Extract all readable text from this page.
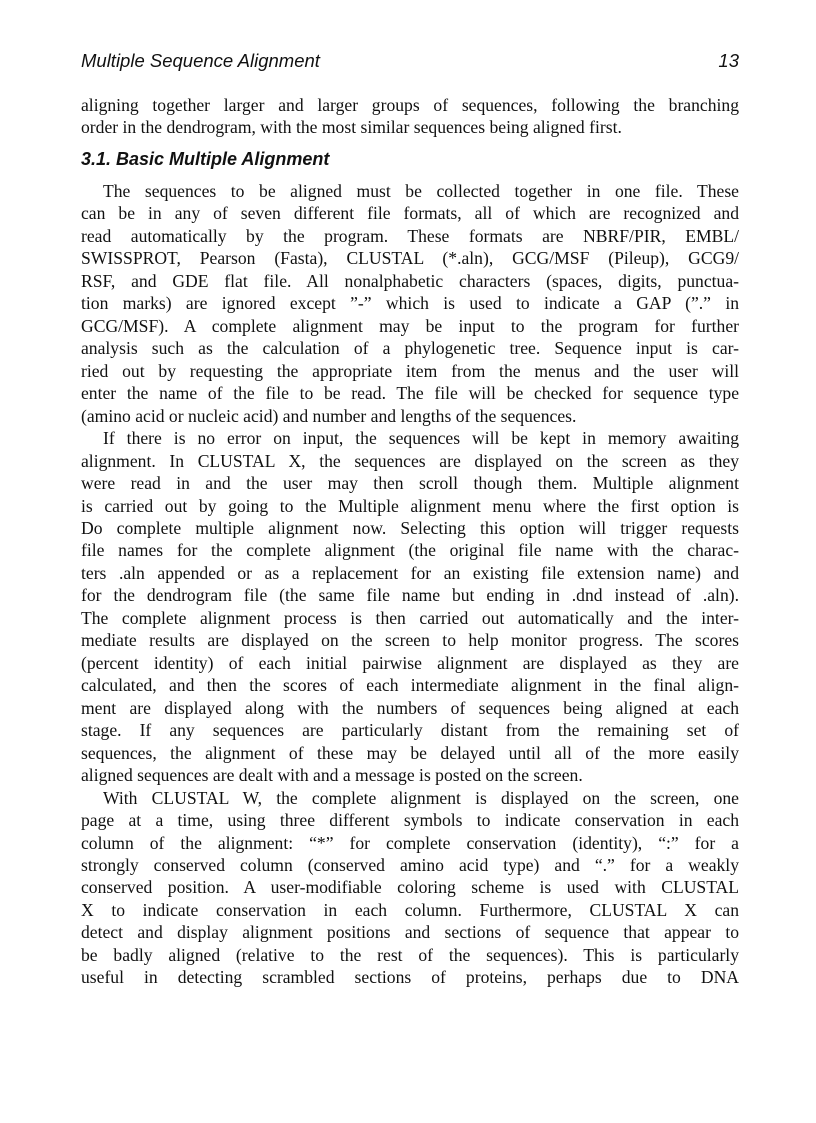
Multiple Sequence Alignment	13
aligning together larger and larger groups of sequences, following the branching
order in the dendrogram, with the most similar sequences being aligned first.
3.1. Basic Multiple Alignment
The sequences to be aligned must be collected together in one file. These
can be in any of seven different file formats, all of which are recognized and
read automatically by the program. These formats are NBRF/PIR, EMBL/
SWISSPROT, Pearson (Fasta), CLUSTAL (*.aln), GCG/MSF (Pileup), GCG9/
RSF, and GDE flat file. All nonalphabetic characters (spaces, digits, punctua-
tion marks) are ignored except ”-” which is used to indicate a GAP (”.” in
GCG/MSF). A complete alignment may be input to the program for further
analysis such as the calculation of a phylogenetic tree. Sequence input is car-
ried out by requesting the appropriate item from the menus and the user will
enter the name of the file to be read. The file will be checked for sequence type
(amino acid or nucleic acid) and number and lengths of the sequences.
If there is no error on input, the sequences will be kept in memory awaiting
alignment. In CLUSTAL X, the sequences are displayed on the screen as they
were read in and the user may then scroll though them. Multiple alignment
is carried out by going to the Multiple alignment menu where the first option is
Do complete multiple alignment now. Selecting this option will trigger requests
file names for the complete alignment (the original file name with the charac-
ters .aln appended or as a replacement for an existing file extension name) and
for the dendrogram file (the same file name but ending in .dnd instead of .aln).
The complete alignment process is then carried out automatically and the inter-
mediate results are displayed on the screen to help monitor progress. The scores
(percent identity) of each initial pairwise alignment are displayed as they are
calculated, and then the scores of each intermediate alignment in the final align-
ment are displayed along with the numbers of sequences being aligned at each
stage. If any sequences are particularly distant from the remaining set of
sequences, the alignment of these may be delayed until all of the more easily
aligned sequences are dealt with and a message is posted on the screen.
With CLUSTAL W, the complete alignment is displayed on the screen, one
page at a time, using three different symbols to indicate conservation in each
column of the alignment: “*” for complete conservation (identity), “:” for a
strongly conserved column (conserved amino acid type) and “.” for a weakly
conserved position. A user-modifiable coloring scheme is used with CLUSTAL
X to indicate conservation in each column. Furthermore, CLUSTAL X can
detect and display alignment positions and sections of sequence that appear to
be badly aligned (relative to the rest of the sequences). This is particularly
useful in detecting scrambled sections of proteins, perhaps due to DNA
